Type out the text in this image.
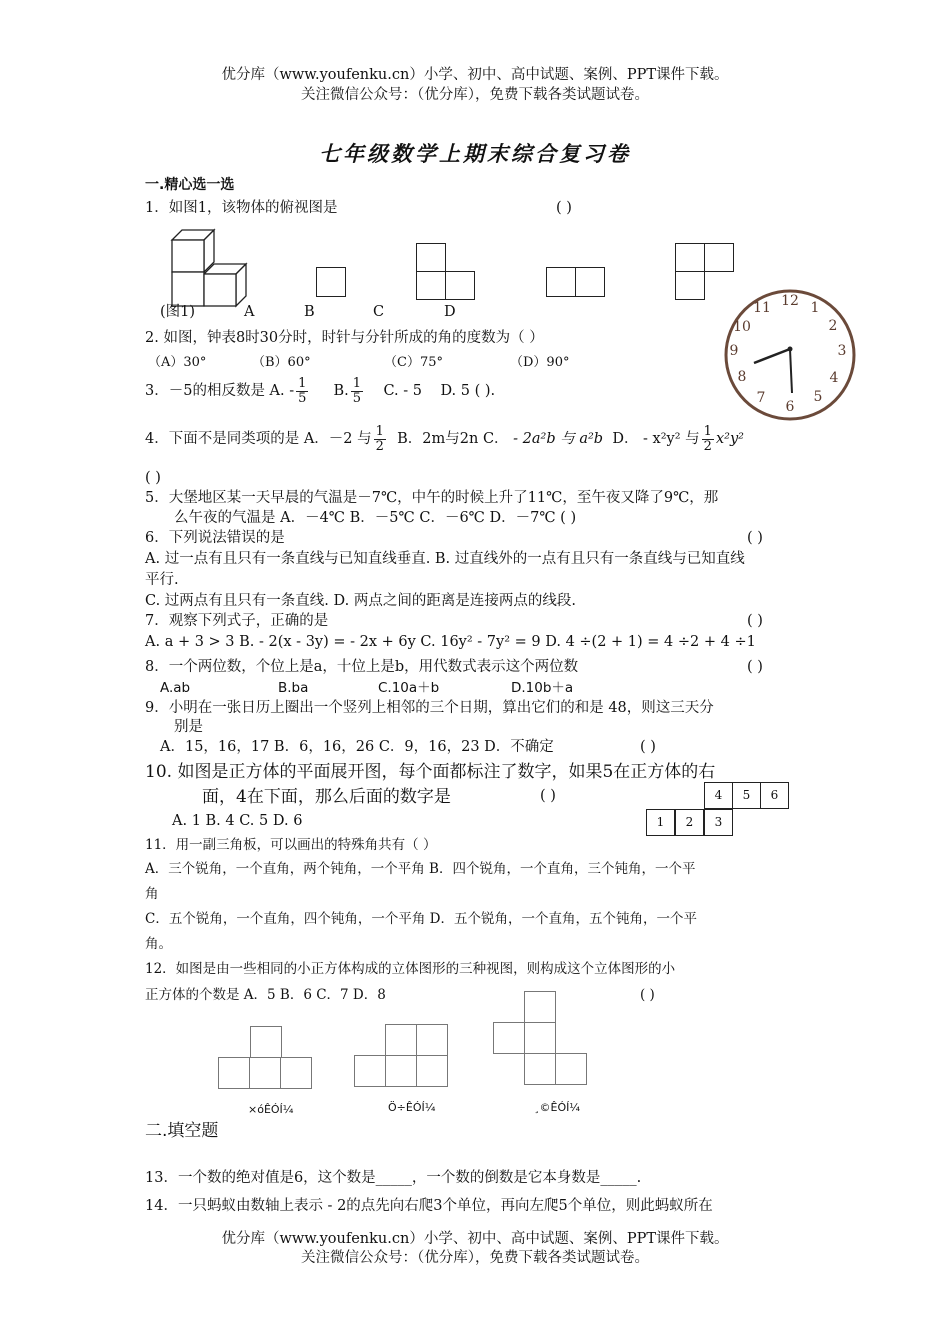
优分库（www.youfenku.cn）小学、初中、高中试题、案例、PPT课件下载。
关注微信公众号：（优分库），免费下载各类试题试卷。
七年级数学上期末综合复习卷
一.精心选一选
1．如图1，该物体的俯视图是	( )
(图1)	A	B	C	D
12 1
2
3
4
5
6
7
8
9
10
11
2. 如图，钟表8时30分时，时针与分针所成的角的度数为（ ）
（A）30°	（B）60°	（C）75°	（D）90°
3．－5的相反数是 A. - $\frac{1}{5} B$. $\frac{1}{5} C$. - 5 D. 5 ( ).
4．下面不是同类项的是 A．－2 与 $\frac{1}{2}$ B．2m与2n C． - 2a²b 与 a²b D． - x²y² 与 $\frac{1}{2} x^2y^2$
( )
5．大堡地区某一天早晨的气温是－7℃，中午的时候上升了11℃，至午夜又降了9℃，那
么午夜的气温是 A．－4℃ B．－5℃ C．－6℃ D．－7℃ ( )
6．下列说法错误的是	( )
A. 过一点有且只有一条直线与已知直线垂直. B. 过直线外的一点有且只有一条直线与已知直线
平行.
C. 过两点有且只有一条直线. D. 两点之间的距离是连接两点的线段.
7．观察下列式子，正确的是	( )
A. a + 3 > 3 B. - 2(x - 3y) = - 2x + 6y C. 16y² - 7y² = 9 D. 4 ÷(2 + 1) = 4 ÷2 + 4 ÷1
8．一个两位数，个位上是a，十位上是b，用代数式表示这个两位数	( )
A.ab	B.ba	C.10a＋b	D.10b＋a
9．小明在一张日历上圈出一个竖列上相邻的三个日期，算出它们的和是 48，则这三天分
别是
A．15，16，17 B．6，16，26 C．9，16，23 D．不确定	( )
10. 如图是正方体的平面展开图，每个面都标注了数字，如果5在正方体的右
面，4在下面，那么后面的数字是	( )
A. 1 B. 4 C. 5 D. 6
4	5	6
1	2	3
11．用一副三角板，可以画出的特殊角共有（ ）
A．三个锐角，一个直角，两个钝角，一个平角 B．四个锐角，一个直角，三个钝角，一个平
角
C．五个锐角，一个直角，四个钝角，一个平角 D．五个锐角，一个直角，五个钝角，一个平
角。
12．如图是由一些相同的小正方体构成的立体图形的三种视图，则构成这个立体图形的小
正方体的个数是 A．5 B．6 C．7 D．8	( )
×óÊÓÍ¼	Ö÷ÊÓÍ¼	¸©ÊÓÍ¼
二.填空题
13．一个数的绝对值是6，这个数是_____，一个数的倒数是它本身数是_____.
14．一只蚂蚁由数轴上表示 - 2的点先向右爬3个单位，再向左爬5个单位，则此蚂蚁所在
优分库（www.youfenku.cn）小学、初中、高中试题、案例、PPT课件下载。
关注微信公众号：（优分库），免费下载各类试题试卷。
